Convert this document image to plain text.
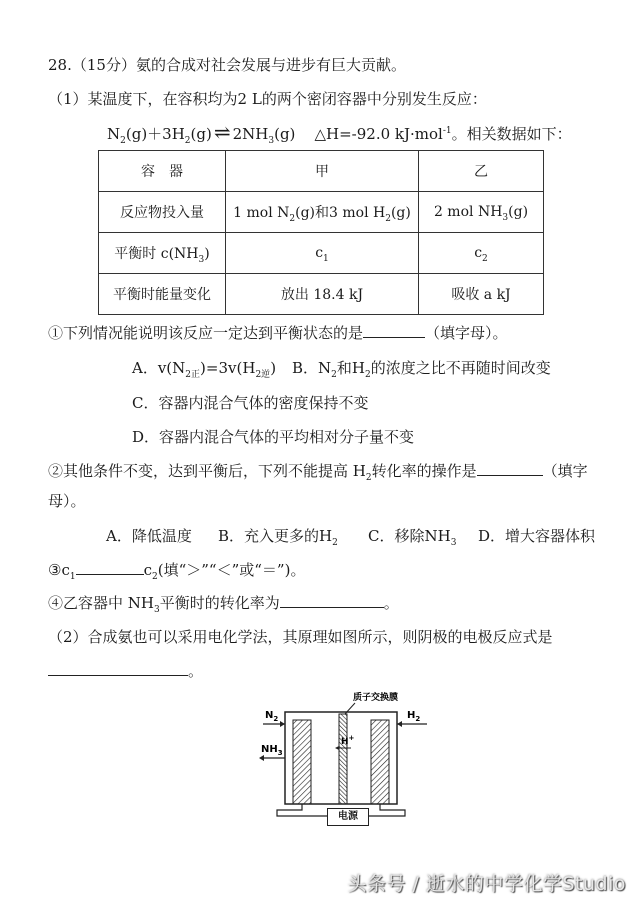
28.（15分）氨的合成对社会发展与进步有巨大贡献。
（1）某温度下，在容积均为2 L的两个密闭容器中分别发生反应：
$N_2(g)+3H_2(g)$ ⇌ $2NH_3(g)$ △H=-92.0 kJ·mol$^{-1}$。相关数据如下：
容　器	甲	乙
反应物投入量	1 mol $N_2(g)$和3 mol $H_2(g)$	2 mol $NH_3(g)$
平衡时 $c(NH_3)$	$c_1$	$c_2$
平衡时能量变化	放出 18.4 kJ	吸收 a kJ
①下列情况能说明该反应一定达到平衡状态的是	（填字母）。
A．$v(N_{2正})=3v(H_{2逆})$ B．$N_2$和$H_2$的浓度之比不再随时间改变
C．容器内混合气体的密度保持不变
D．容器内混合气体的平均相对分子量不变
②其他条件不变，达到平衡后，下列不能提高 $H_2$转化率的操作是	（填字
母）。
A．降低温度 B．充入更多的$H_2$ C．移除$NH_3$ D．增大容器体积
$③c_1$	$c_2$(填“＞”“＜”或“＝”)。
④乙容器中 $NH_3$平衡时的转化率为	。
（2）合成氨也可以采用电化学法，其原理如图所示，则阴极的电极反应式是
。
质子交换膜
$N_2$
$NH_3$
$H_2$
H+
电源
头条号 / 逝水的中学化学Studio
